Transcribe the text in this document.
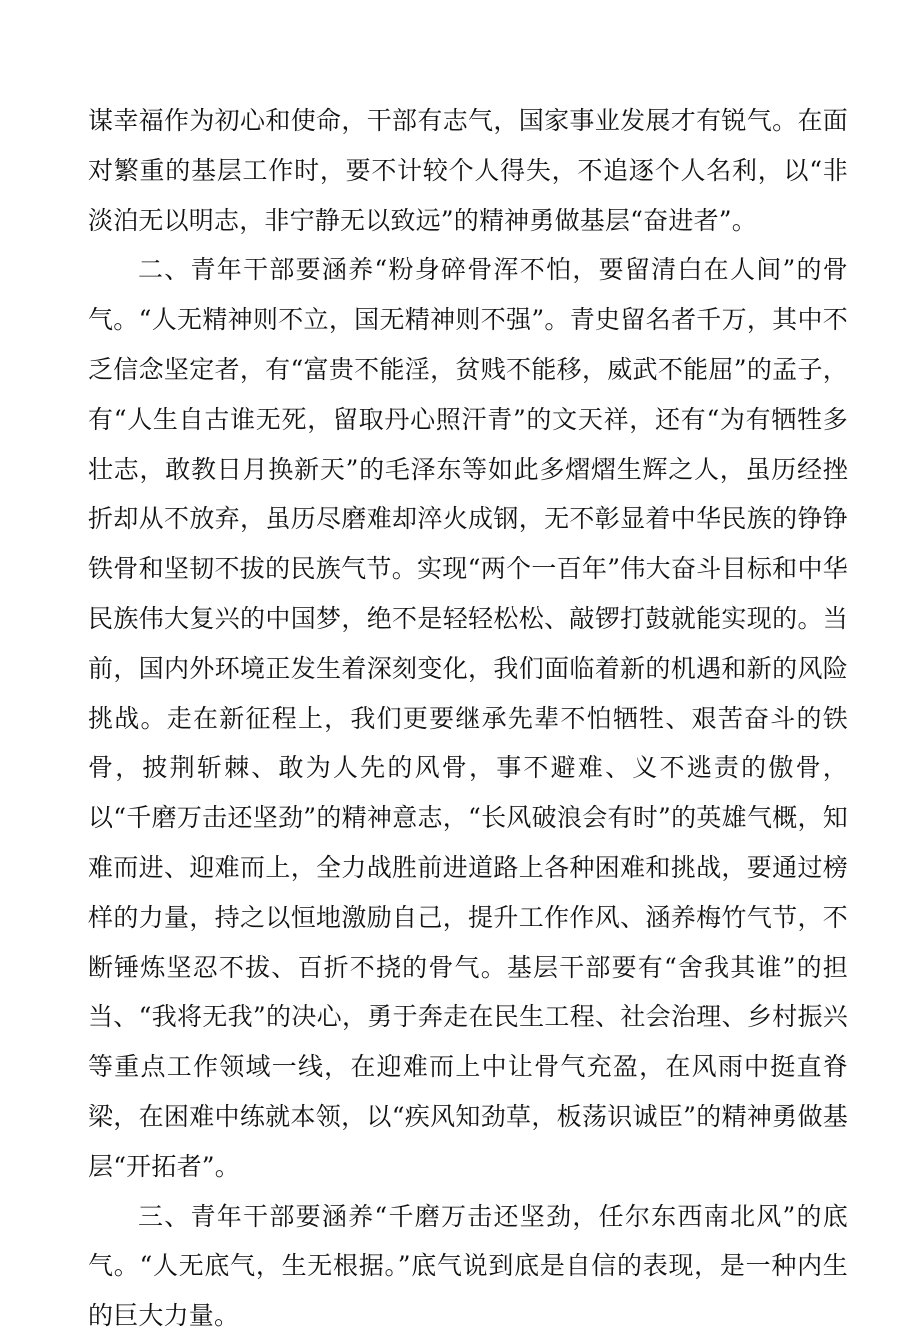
谋幸福作为初心和使命，干部有志气，国家事业发展才有锐气。在面对繁重的基层工作时，要不计较个人得失，不追逐个人名利，以“非淡泊无以明志，非宁静无以致远”的精神勇做基层“奋进者”。

二、青年干部要涵养“粉身碎骨浑不怕，要留清白在人间”的骨气。“人无精神则不立，国无精神则不强”。青史留名者千万，其中不乏信念坚定者，有“富贵不能淫，贫贱不能移，威武不能屈”的孟子，有“人生自古谁无死，留取丹心照汗青”的文天祥，还有“为有牺牲多壮志，敢教日月换新天”的毛泽东等如此多熠熠生辉之人，虽历经挫折却从不放弃，虽历尽磨难却淬火成钢，无不彰显着中华民族的铮铮铁骨和坚韧不拔的民族气节。实现“两个一百年”伟大奋斗目标和中华民族伟大复兴的中国梦，绝不是轻轻松松、敲锣打鼓就能实现的。当前，国内外环境正发生着深刻变化，我们面临着新的机遇和新的风险挑战。走在新征程上，我们更要继承先辈不怕牺牲、艰苦奋斗的铁骨，披荆斩棘、敢为人先的风骨，事不避难、义不逃责的傲骨，以“千磨万击还坚劲”的精神意志，“长风破浪会有时”的英雄气概，知难而进、迎难而上，全力战胜前进道路上各种困难和挑战，要通过榜样的力量，持之以恒地激励自己，提升工作作风、涵养梅竹气节，不断锤炼坚忍不拔、百折不挠的骨气。基层干部要有“舍我其谁”的担当、“我将无我”的决心，勇于奔走在民生工程、社会治理、乡村振兴等重点工作领域一线，在迎难而上中让骨气充盈，在风雨中挺直脊梁，在困难中练就本领，以“疾风知劲草，板荡识诚臣”的精神勇做基层“开拓者”。

三、青年干部要涵养“千磨万击还坚劲，任尔东西南北风”的底气。“人无底气，生无根据。”底气说到底是自信的表现，是一种内生的巨大力量。
